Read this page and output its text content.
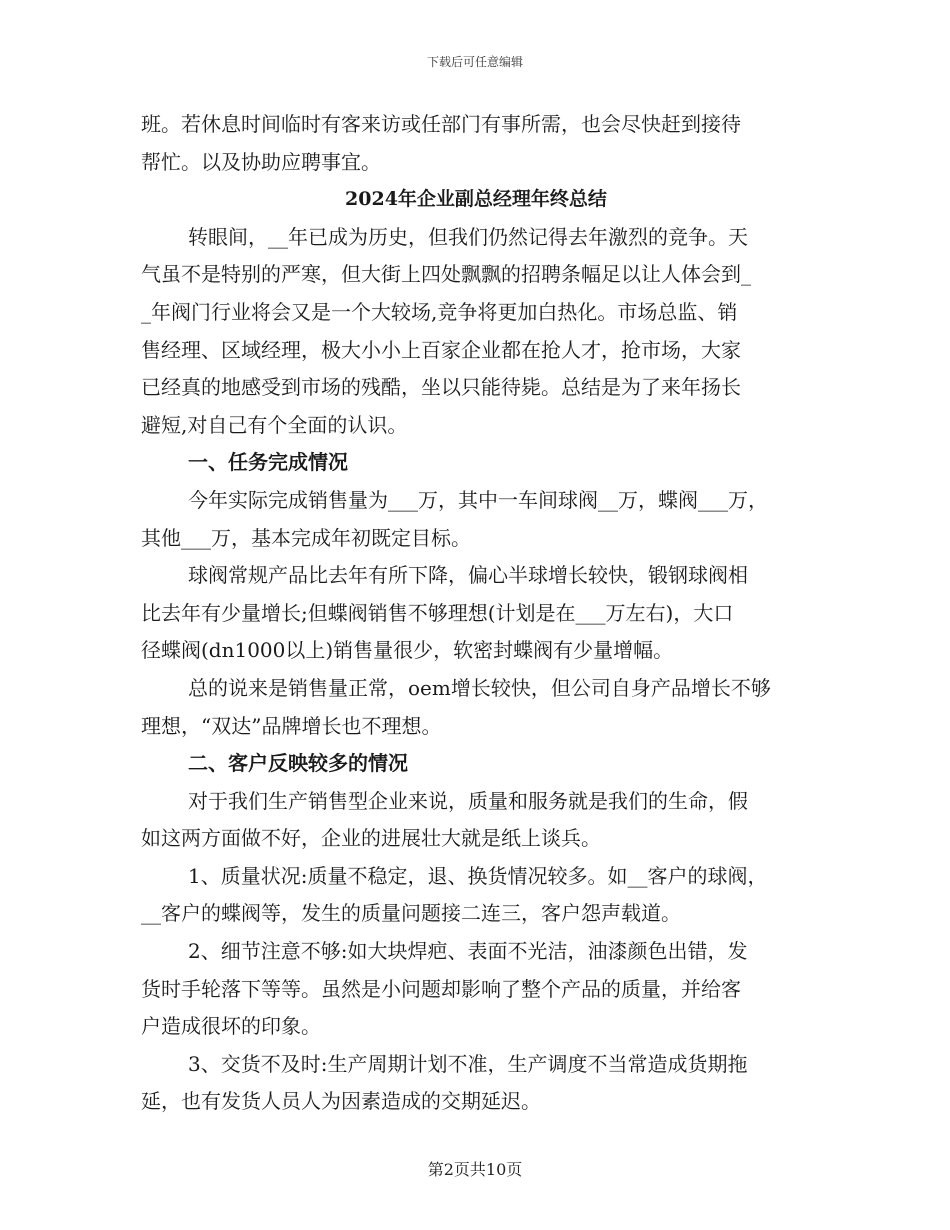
下载后可任意编辑
班。若休息时间临时有客来访或任部门有事所需，也会尽快赶到接待
帮忙。以及协助应聘事宜。
2024年企业副总经理年终总结
转眼间，__年已成为历史，但我们仍然记得去年激烈的竞争。天
气虽不是特别的严寒，但大街上四处飘飘的招聘条幅足以让人体会到_
_年阀门行业将会又是一个大较场,竞争将更加白热化。市场总监、销
售经理、区域经理，极大小小上百家企业都在抢人才，抢市场，大家
已经真的地感受到市场的残酷，坐以只能待毙。总结是为了来年扬长
避短,对自己有个全面的认识。
一、任务完成情况
今年实际完成销售量为___万，其中一车间球阀__万，蝶阀___万，
其他___万，基本完成年初既定目标。
球阀常规产品比去年有所下降，偏心半球增长较快，锻钢球阀相
比去年有少量增长;但蝶阀销售不够理想(计划是在___万左右)，大口
径蝶阀(dn1000以上)销售量很少，软密封蝶阀有少量增幅。
总的说来是销售量正常，oem增长较快，但公司自身产品增长不够
理想，“双达”品牌增长也不理想。
二、客户反映较多的情况
对于我们生产销售型企业来说，质量和服务就是我们的生命，假
如这两方面做不好，企业的进展壮大就是纸上谈兵。
1、质量状况:质量不稳定，退、换货情况较多。如__客户的球阀，
__客户的蝶阀等，发生的质量问题接二连三，客户怨声载道。
2、细节注意不够:如大块焊疤、表面不光洁，油漆颜色出错，发
货时手轮落下等等。虽然是小问题却影响了整个产品的质量，并给客
户造成很坏的印象。
3、交货不及时:生产周期计划不准，生产调度不当常造成货期拖
延，也有发货人员人为因素造成的交期延迟。
第2页共10页
